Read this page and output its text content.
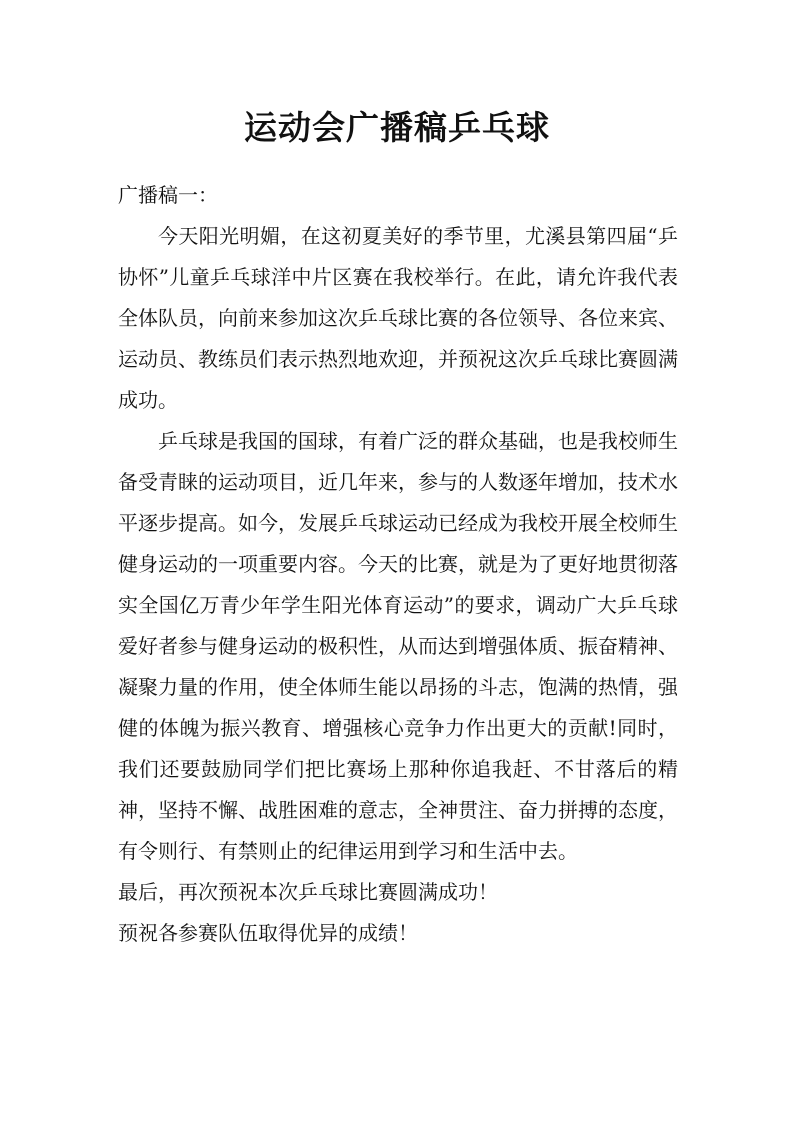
运动会广播稿乒乓球

广播稿一：

今天阳光明媚，在这初夏美好的季节里，尤溪县第四届“乒协怀”儿童乒乓球洋中片区赛在我校举行。在此，请允许我代表全体队员，向前来参加这次乒乓球比赛的各位领导、各位来宾、运动员、教练员们表示热烈地欢迎，并预祝这次乒乓球比赛圆满成功。

乒乓球是我国的国球，有着广泛的群众基础，也是我校师生备受青睐的运动项目，近几年来，参与的人数逐年增加，技术水平逐步提高。如今，发展乒乓球运动已经成为我校开展全校师生健身运动的一项重要内容。今天的比赛，就是为了更好地贯彻落实全国亿万青少年学生阳光体育运动”的要求，调动广大乒乓球爱好者参与健身运动的极积性，从而达到增强体质、振奋精神、凝聚力量的作用，使全体师生能以昂扬的斗志，饱满的热情，强健的体魄为振兴教育、增强核心竞争力作出更大的贡献!同时，我们还要鼓励同学们把比赛场上那种你追我赶、不甘落后的精神，坚持不懈、战胜困难的意志，全神贯注、奋力拼搏的态度，有令则行、有禁则止的纪律运用到学习和生活中去。

最后，再次预祝本次乒乓球比赛圆满成功！

预祝各参赛队伍取得优异的成绩！
